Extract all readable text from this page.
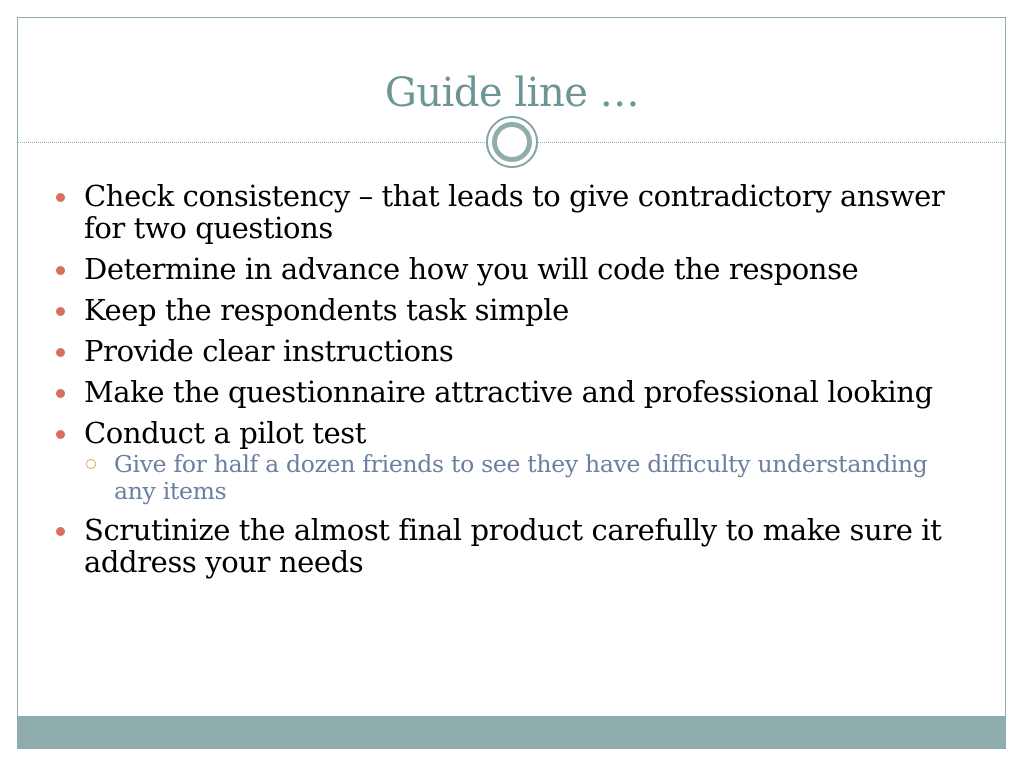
Guide line …
Check consistency – that leads to give contradictory answer for two questions
Determine in advance how you will code the response
Keep the respondents task simple
Provide clear instructions
Make the questionnaire attractive and professional looking
Conduct a pilot test
Give for half a dozen friends to see they have difficulty understanding any items
Scrutinize the almost final product carefully to make sure it address your needs
